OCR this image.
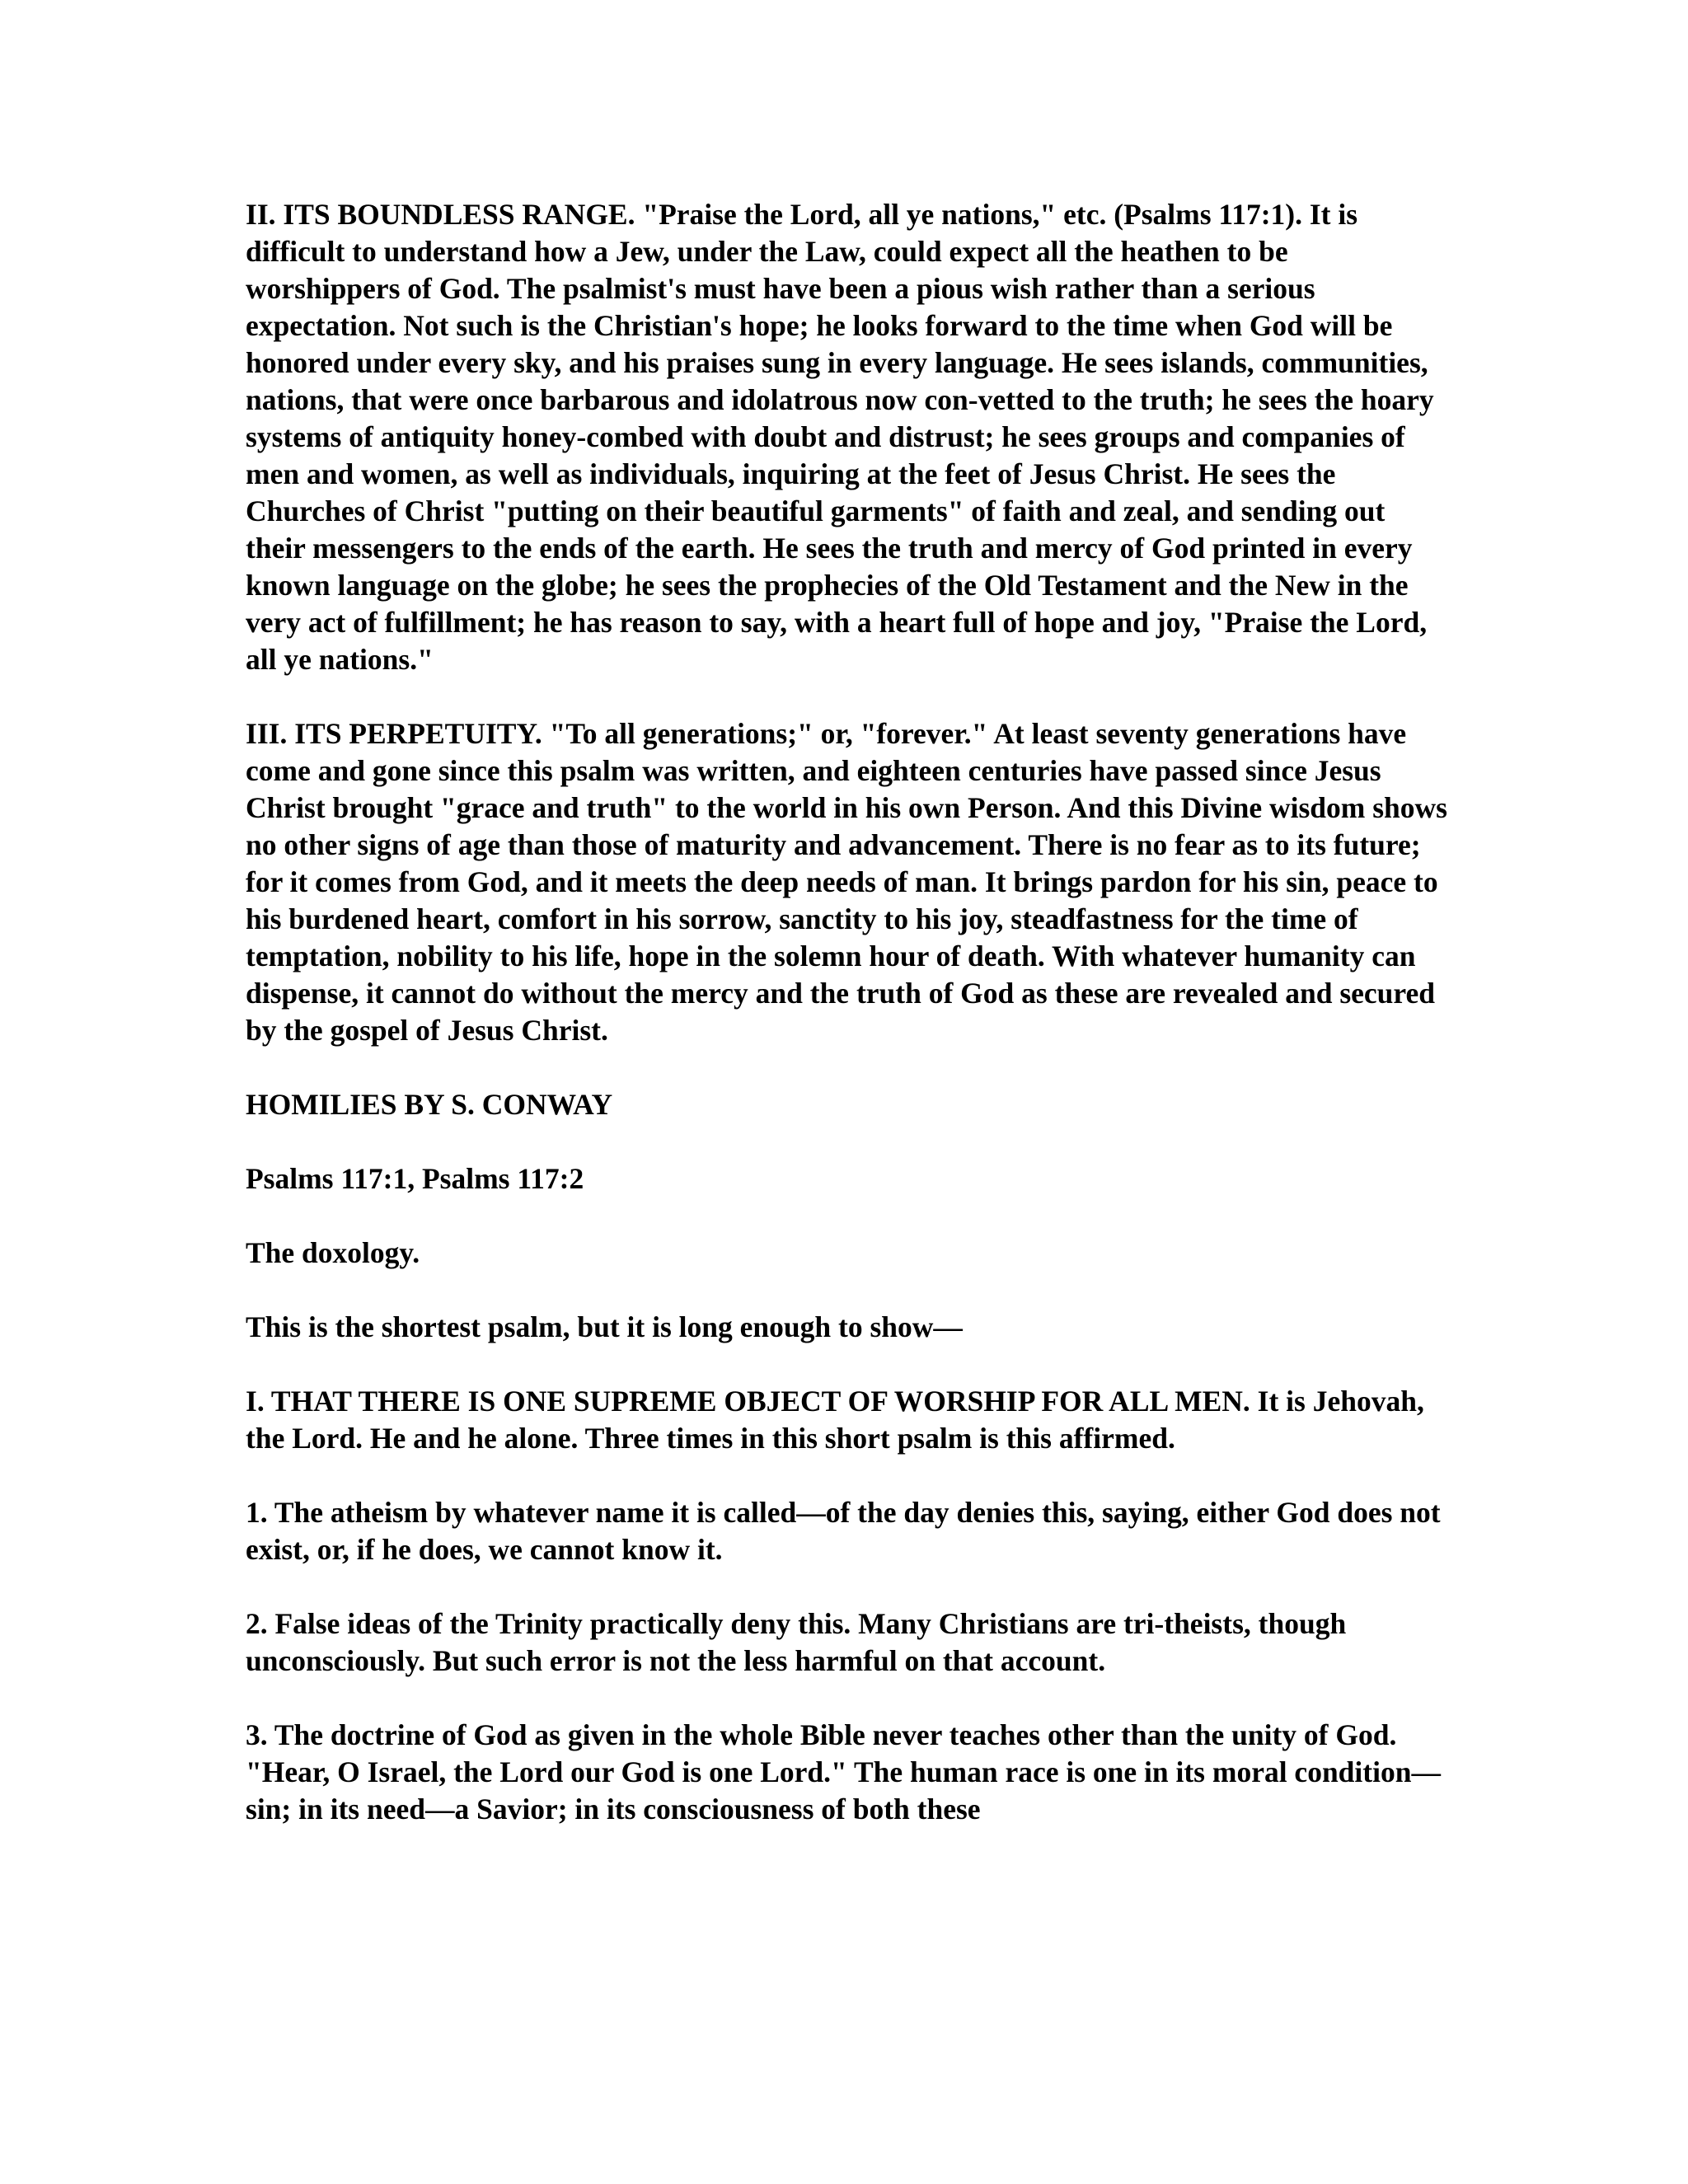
II. ITS BOUNDLESS RANGE. "Praise the Lord, all ye nations," etc. (Psalms 117:1). It is difficult to understand how a Jew, under the Law, could expect all the heathen to be worshippers of God. The psalmist's must have been a pious wish rather than a serious expectation. Not such is the Christian's hope; he looks forward to the time when God will be honored under every sky, and his praises sung in every language. He sees islands, communities, nations, that were once barbarous and idolatrous now con-vetted to the truth; he sees the hoary systems of antiquity honey-combed with doubt and distrust; he sees groups and companies of men and women, as well as individuals, inquiring at the feet of Jesus Christ. He sees the Churches of Christ "putting on their beautiful garments" of faith and zeal, and sending out their messengers to the ends of the earth. He sees the truth and mercy of God printed in every known language on the globe; he sees the prophecies of the Old Testament and the New in the very act of fulfillment; he has reason to say, with a heart full of hope and joy, "Praise the Lord, all ye nations."

III. ITS PERPETUITY. "To all generations;" or, "forever." At least seventy generations have come and gone since this psalm was written, and eighteen centuries have passed since Jesus Christ brought "grace and truth" to the world in his own Person. And this Divine wisdom shows no other signs of age than those of maturity and advancement. There is no fear as to its future; for it comes from God, and it meets the deep needs of man. It brings pardon for his sin, peace to his burdened heart, comfort in his sorrow, sanctity to his joy, steadfastness for the time of temptation, nobility to his life, hope in the solemn hour of death. With whatever humanity can dispense, it cannot do without the mercy and the truth of God as these are revealed and secured by the gospel of Jesus Christ.

HOMILIES BY S. CONWAY

Psalms 117:1, Psalms 117:2

The doxology.

This is the shortest psalm, but it is long enough to show—

I. THAT THERE IS ONE SUPREME OBJECT OF WORSHIP FOR ALL MEN. It is Jehovah, the Lord. He and he alone. Three times in this short psalm is this affirmed.

1. The atheism by whatever name it is called—of the day denies this, saying, either God does not exist, or, if he does, we cannot know it.

2. False ideas of the Trinity practically deny this. Many Christians are tri-theists, though unconsciously. But such error is not the less harmful on that account.

3. The doctrine of God as given in the whole Bible never teaches other than the unity of God. "Hear, O Israel, the Lord our God is one Lord." The human race is one in its moral condition—sin; in its need—a Savior; in its consciousness of both these
